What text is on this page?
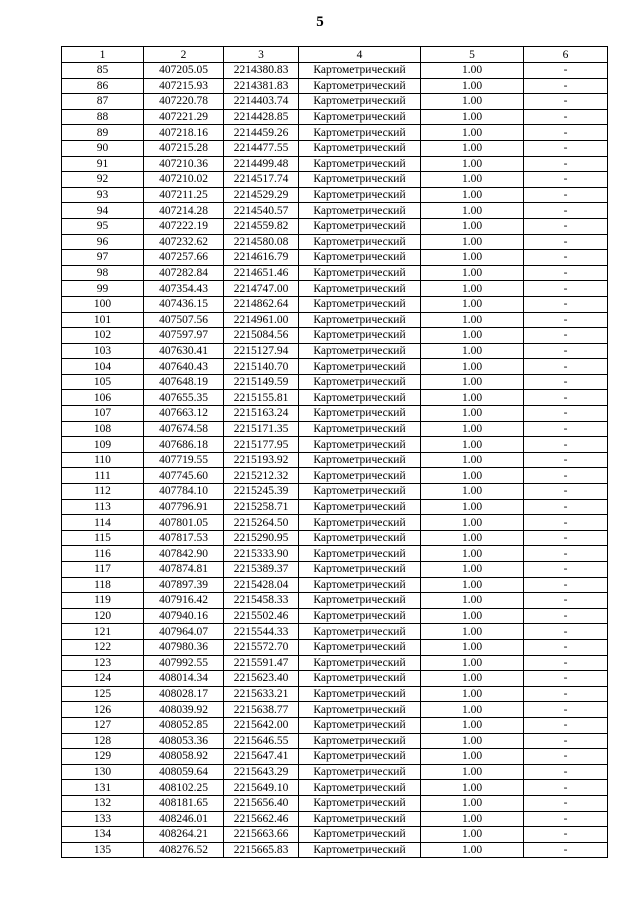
5
1	2	3	4	5	6
85	407205.05	2214380.83	Картометрический	1.00	-
86	407215.93	2214381.83	Картометрический	1.00	-
87	407220.78	2214403.74	Картометрический	1.00	-
88	407221.29	2214428.85	Картометрический	1.00	-
89	407218.16	2214459.26	Картометрический	1.00	-
90	407215.28	2214477.55	Картометрический	1.00	-
91	407210.36	2214499.48	Картометрический	1.00	-
92	407210.02	2214517.74	Картометрический	1.00	-
93	407211.25	2214529.29	Картометрический	1.00	-
94	407214.28	2214540.57	Картометрический	1.00	-
95	407222.19	2214559.82	Картометрический	1.00	-
96	407232.62	2214580.08	Картометрический	1.00	-
97	407257.66	2214616.79	Картометрический	1.00	-
98	407282.84	2214651.46	Картометрический	1.00	-
99	407354.43	2214747.00	Картометрический	1.00	-
100	407436.15	2214862.64	Картометрический	1.00	-
101	407507.56	2214961.00	Картометрический	1.00	-
102	407597.97	2215084.56	Картометрический	1.00	-
103	407630.41	2215127.94	Картометрический	1.00	-
104	407640.43	2215140.70	Картометрический	1.00	-
105	407648.19	2215149.59	Картометрический	1.00	-
106	407655.35	2215155.81	Картометрический	1.00	-
107	407663.12	2215163.24	Картометрический	1.00	-
108	407674.58	2215171.35	Картометрический	1.00	-
109	407686.18	2215177.95	Картометрический	1.00	-
110	407719.55	2215193.92	Картометрический	1.00	-
111	407745.60	2215212.32	Картометрический	1.00	-
112	407784.10	2215245.39	Картометрический	1.00	-
113	407796.91	2215258.71	Картометрический	1.00	-
114	407801.05	2215264.50	Картометрический	1.00	-
115	407817.53	2215290.95	Картометрический	1.00	-
116	407842.90	2215333.90	Картометрический	1.00	-
117	407874.81	2215389.37	Картометрический	1.00	-
118	407897.39	2215428.04	Картометрический	1.00	-
119	407916.42	2215458.33	Картометрический	1.00	-
120	407940.16	2215502.46	Картометрический	1.00	-
121	407964.07	2215544.33	Картометрический	1.00	-
122	407980.36	2215572.70	Картометрический	1.00	-
123	407992.55	2215591.47	Картометрический	1.00	-
124	408014.34	2215623.40	Картометрический	1.00	-
125	408028.17	2215633.21	Картометрический	1.00	-
126	408039.92	2215638.77	Картометрический	1.00	-
127	408052.85	2215642.00	Картометрический	1.00	-
128	408053.36	2215646.55	Картометрический	1.00	-
129	408058.92	2215647.41	Картометрический	1.00	-
130	408059.64	2215643.29	Картометрический	1.00	-
131	408102.25	2215649.10	Картометрический	1.00	-
132	408181.65	2215656.40	Картометрический	1.00	-
133	408246.01	2215662.46	Картометрический	1.00	-
134	408264.21	2215663.66	Картометрический	1.00	-
135	408276.52	2215665.83	Картометрический	1.00	-
